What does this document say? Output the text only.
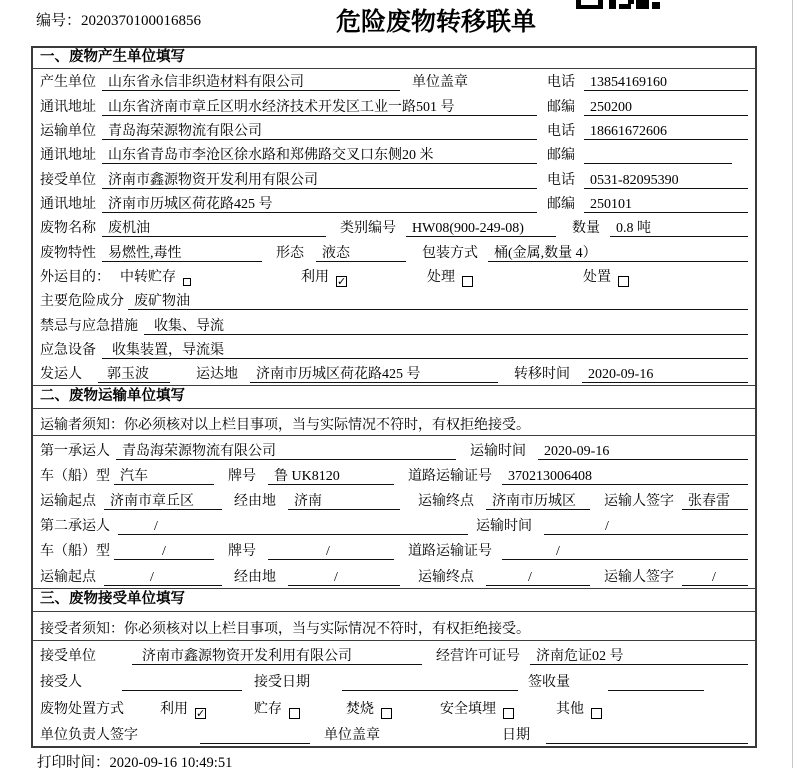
编号：2020370100016856	危险废物转移联单
一、废物产生单位填写
产生单位 山东省永信非织造材料有限公司	单位盖章	电话	13854169160
通讯地址 山东省济南市章丘区明水经济技术开发区工业一路501 号	邮编	250200
运输单位 青岛海荣源物流有限公司	电话	18661672606
通讯地址 山东省青岛市李沧区徐水路和郑佛路交叉口东侧20 米	邮编
接受单位 济南市鑫源物资开发利用有限公司	电话	0531-82095390
通讯地址 济南市历城区荷花路425 号	邮编	250101
废物名称 废机油	类别编号	HW08(900-249-08)	数量	0.8 吨
废物特性 易燃性,毒性	形态	液态	包装方式	桶(金属,数量 4）
外运目的： 中转贮存	利用 ✓	处理	处置
主要危险成分 废矿物油
禁忌与应急措施	收集、导流
应急设备	收集装置，导流渠
发运人	郭玉波	运达地	济南市历城区荷花路425 号	转移时间	2020-09-16
二、废物运输单位填写
运输者须知：你必须核对以上栏目事项，当与实际情况不符时，有权拒绝接受。
第一承运人 青岛海荣源物流有限公司	运输时间	2020-09-16
车（船）型 汽车	牌号	鲁 UK8120	道路运输证号	370213006408
运输起点	济南市章丘区	经由地	济南	运输终点	济南市历城区	运输人签字	张春雷
第二承运人	/	运输时间	/
车（船）型	/	牌号	/	道路运输证号	/
运输起点	/	经由地	/	运输终点	/	运输人签字	/
三、废物接受单位填写
接受者须知：你必须核对以上栏目事项，当与实际情况不符时，有权拒绝接受。
接受单位	济南市鑫源物资开发利用有限公司	经营许可证号	济南危证02 号
接受人	接受日期	签收量
废物处置方式	利用 ✓	贮存	焚烧	安全填埋	其他
单位负责人签字	单位盖章	日期
打印时间：2020-09-16 10:49:51
